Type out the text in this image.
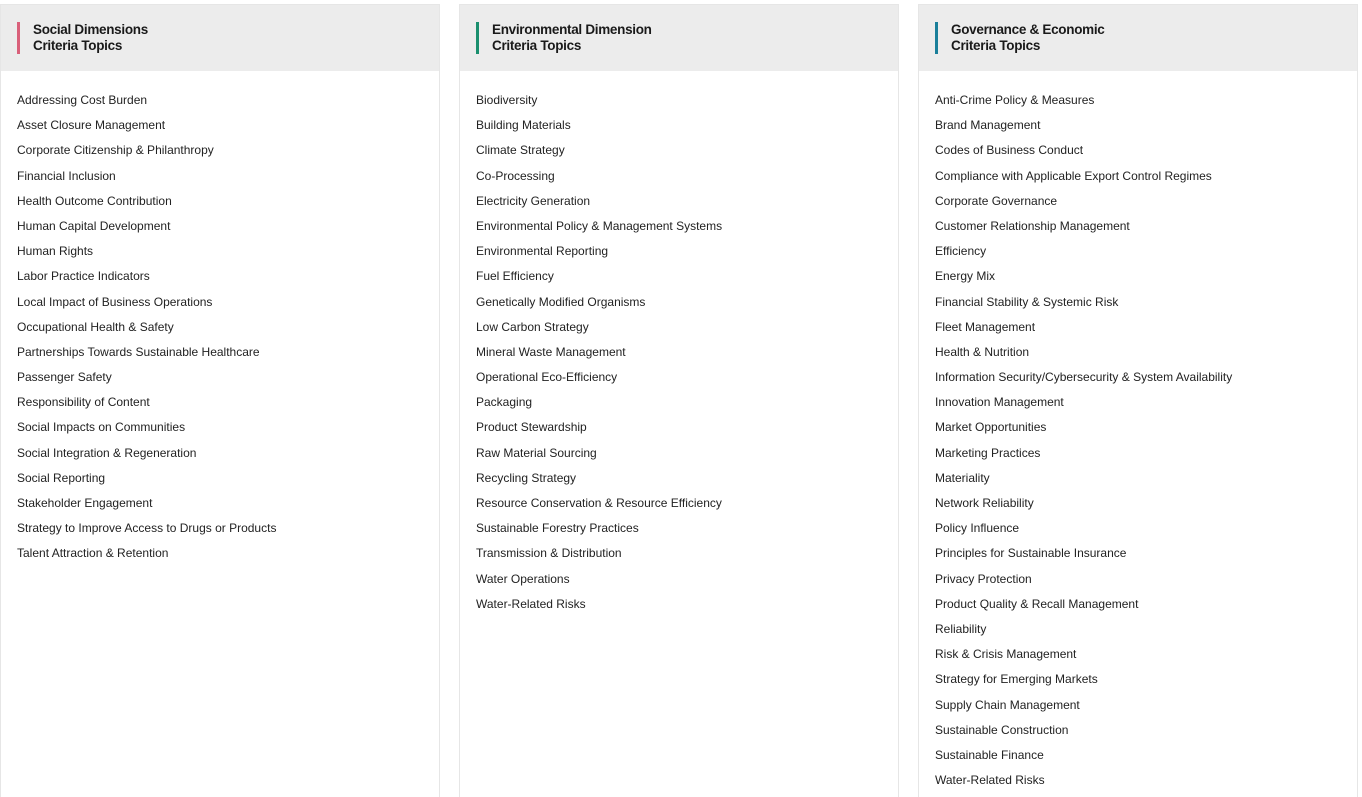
Social Dimensions
Criteria Topics
Addressing Cost Burden
Asset Closure Management
Corporate Citizenship & Philanthropy
Financial Inclusion
Health Outcome Contribution
Human Capital Development
Human Rights
Labor Practice Indicators
Local Impact of Business Operations
Occupational Health & Safety
Partnerships Towards Sustainable Healthcare
Passenger Safety
Responsibility of Content
Social Impacts on Communities
Social Integration & Regeneration
Social Reporting
Stakeholder Engagement
Strategy to Improve Access to Drugs or Products
Talent Attraction & Retention
Environmental Dimension
Criteria Topics
Biodiversity
Building Materials
Climate Strategy
Co-Processing
Electricity Generation
Environmental Policy & Management Systems
Environmental Reporting
Fuel Efficiency
Genetically Modified Organisms
Low Carbon Strategy
Mineral Waste Management
Operational Eco-Efficiency
Packaging
Product Stewardship
Raw Material Sourcing
Recycling Strategy
Resource Conservation & Resource Efficiency
Sustainable Forestry Practices
Transmission & Distribution
Water Operations
Water-Related Risks
Governance & Economic
Criteria Topics
Anti-Crime Policy & Measures
Brand Management
Codes of Business Conduct
Compliance with Applicable Export Control Regimes
Corporate Governance
Customer Relationship Management
Efficiency
Energy Mix
Financial Stability & Systemic Risk
Fleet Management
Health & Nutrition
Information Security/Cybersecurity & System Availability
Innovation Management
Market Opportunities
Marketing Practices
Materiality
Network Reliability
Policy Influence
Principles for Sustainable Insurance
Privacy Protection
Product Quality & Recall Management
Reliability
Risk & Crisis Management
Strategy for Emerging Markets
Supply Chain Management
Sustainable Construction
Sustainable Finance
Water-Related Risks
